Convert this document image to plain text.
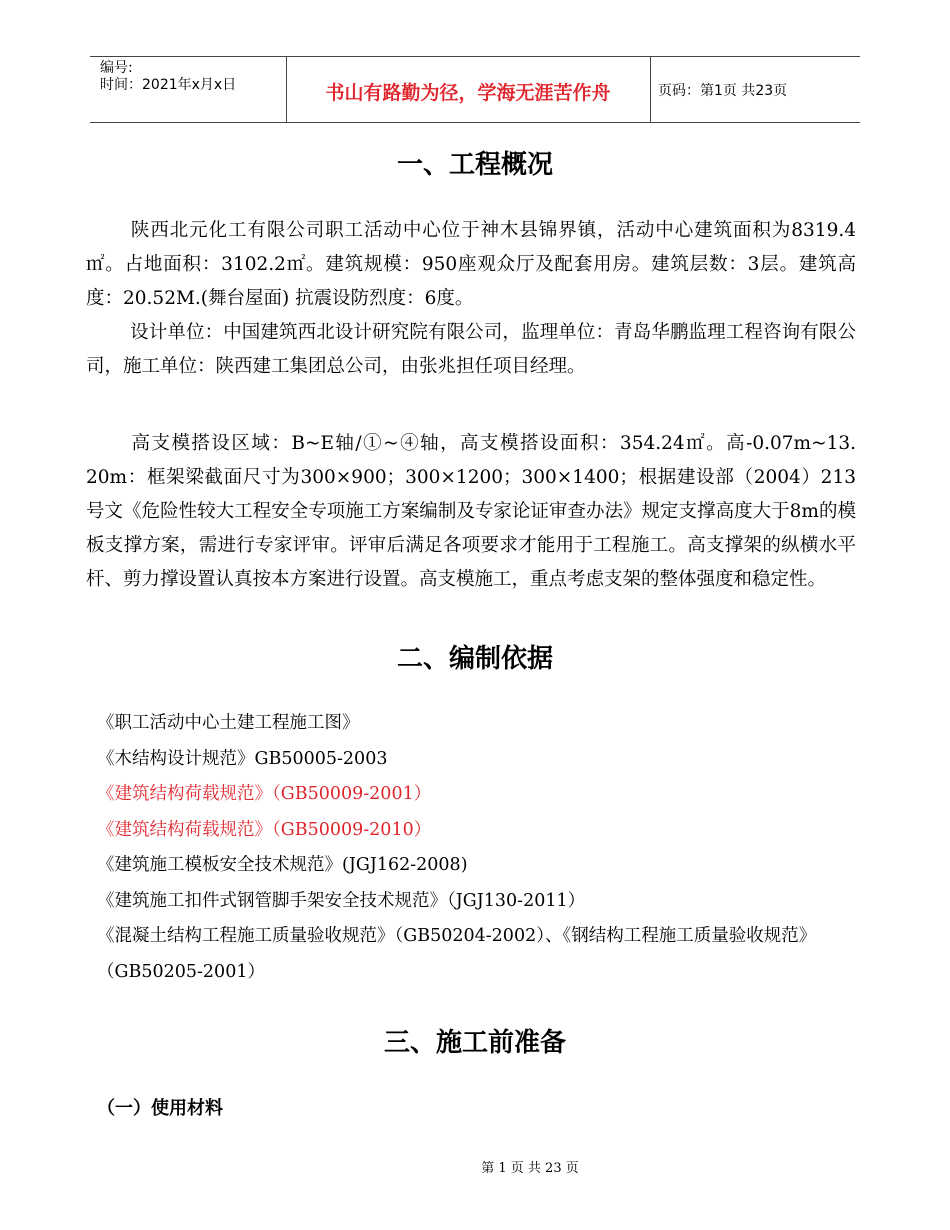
编号:
时间：2021年x月x日	书山有路勤为径，学海无涯苦作舟	页码：第1页 共23页
一、工程概况

陕西北元化工有限公司职工活动中心位于神木县锦界镇，活动中心建筑面积为8319.4㎡。占地面积：3102.2㎡。建筑规模：950座观众厅及配套用房。建筑层数：3层。建筑高度：20.52M.(舞台屋面) 抗震设防烈度：6度。

设计单位：中国建筑西北设计研究院有限公司，监理单位：青岛华鹏监理工程咨询有限公司，施工单位：陕西建工集团总公司，由张兆担任项目经理。

高支模搭设区域：B~E轴/①~④轴，高支模搭设面积：354.24㎡。高-0.07m~13. 20m：框架梁截面尺寸为300×900；300×1200；300×1400；根据建设部（2004）213号文《危险性较大工程安全专项施工方案编制及专家论证审查办法》规定支撑高度大于8m的模板支撑方案，需进行专家评审。评审后满足各项要求才能用于工程施工。高支撑架的纵横水平杆、剪力撑设置认真按本方案进行设置。高支模施工，重点考虑支架的整体强度和稳定性。

二、编制依据
《职工活动中心土建工程施工图》
《木结构设计规范》GB50005-2003
《建筑结构荷载规范》（GB50009-2001）
《建筑结构荷载规范》（GB50009-2010）
《建筑施工模板安全技术规范》(JGJ162-2008)
《建筑施工扣件式钢管脚手架安全技术规范》（JGJ130-2011）
《混凝土结构工程施工质量验收规范》（GB50204-2002）、《钢结构工程施工质量验收规范》（GB50205-2001）
三、施工前准备
（一）使用材料
第 1 页 共 23 页
